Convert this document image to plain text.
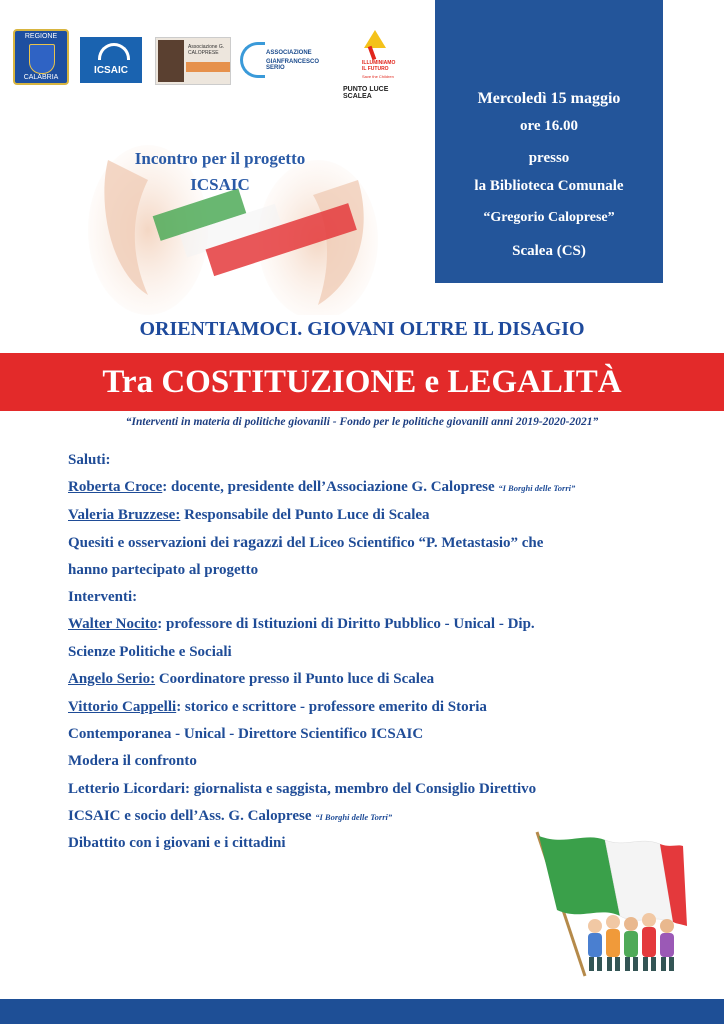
REGIONE
CALABRIA
ICSAIC
Associazione G. CALOPRESE	ASSOCIAZIONE
GIANFRANCESCO SERIO
ILLUMINIAMO
IL FUTURO
Save the Children
PUNTO LUCE SCALEA	Mercoledì 15 maggio
ore 16.00
presso
la Biblioteca Comunale
“Gregorio Caloprese”
Scalea (CS)
Incontro per il progetto
ICSAIC
ORIENTIAMOCI. GIOVANI OLTRE IL DISAGIO
Tra COSTITUZIONE e LEGALITÀ
“Interventi in materia di politiche giovanili - Fondo per le politiche giovanili anni 2019-2020-2021”
Saluti:
Roberta Croce: docente, presidente dell’Associazione G. Caloprese “I Borghi delle Torri”
Valeria Bruzzese: Responsabile del Punto Luce di Scalea
Quesiti e osservazioni dei ragazzi del Liceo Scientifico “P. Metastasio” che
hanno partecipato al progetto
Interventi:
Walter Nocito: professore di Istituzioni di Diritto Pubblico - Unical - Dip.
Scienze Politiche e Sociali
Angelo Serio: Coordinatore presso il Punto luce di Scalea
Vittorio Cappelli: storico e scrittore - professore emerito di Storia
Contemporanea - Unical - Direttore Scientifico ICSAIC
Modera il confronto
Letterio Licordari: giornalista e saggista, membro del Consiglio Direttivo
ICSAIC e socio dell’Ass. G. Caloprese “I Borghi delle Torri”
Dibattito con i giovani e i cittadini
